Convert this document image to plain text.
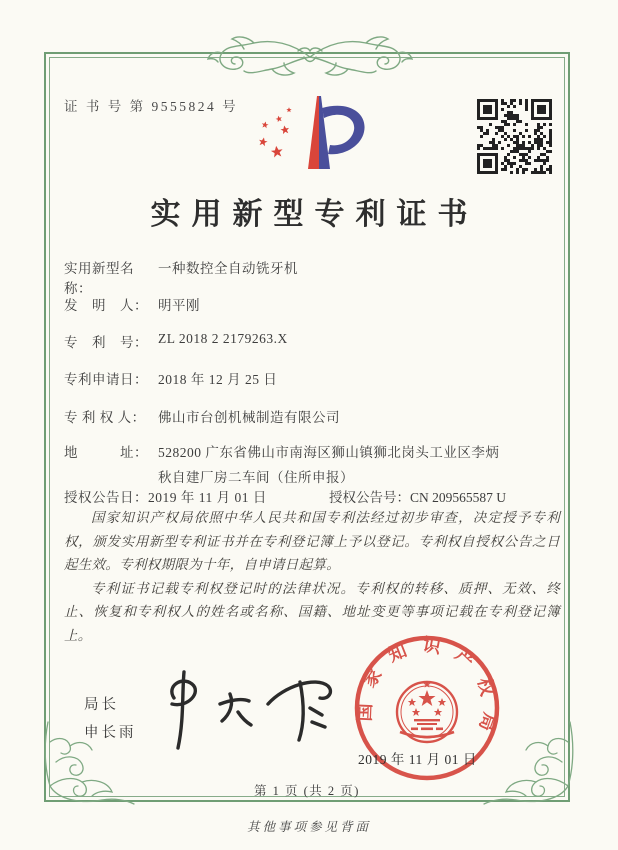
证 书 号 第 9555824 号
实用新型专利证书
实用新型名称：一种数控全自动铣牙机
发　明　人： 明平刚
专　利　号： ZL 2018 2 2179263.X
专利申请日： 2018 年 12 月 25 日
专 利 权 人： 佛山市台创机械制造有限公司
地　　　址： 528200 广东省佛山市南海区狮山镇狮北岗头工业区李炳
秋自建厂房二车间（住所申报）
授权公告日：2019 年 11 月 01 日	授权公告号：CN 209565587 U

国家知识产权局依照中华人民共和国专利法经过初步审查，决定授予专利权，颁发实用新型专利证书并在专利登记簿上予以登记。专利权自授权公告之日起生效。专利权期限为十年，自申请日起算。

专利证书记载专利权登记时的法律状况。专利权的转移、质押、无效、终止、恢复和专利权人的姓名或名称、国籍、地址变更等事项记载在专利登记簿上。

局长
申长雨
国家知识产权局
2019 年 11 月 01 日
第 1 页 (共 2 页)
其他事项参见背面
